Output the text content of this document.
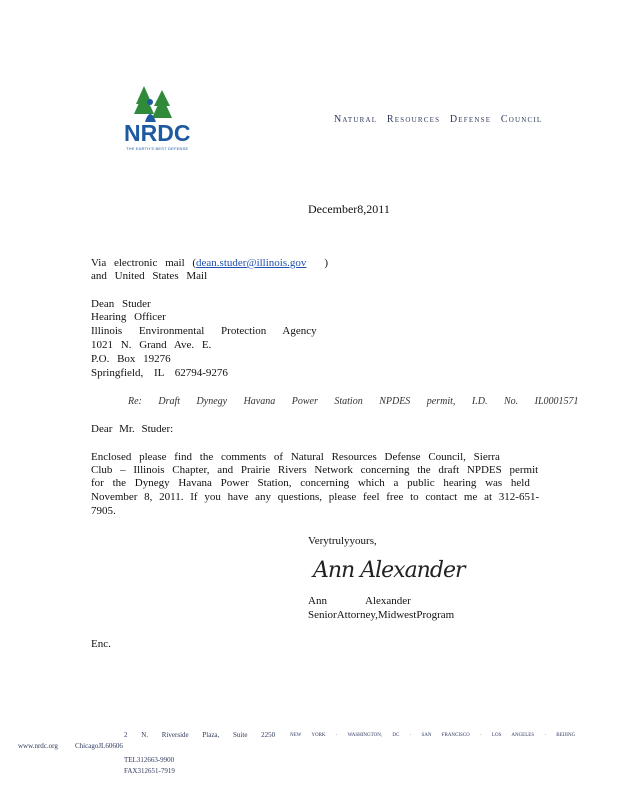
NRDC
THE EARTH'S BEST DEFENSE
Natural Resources Defense Council
December8,2011
Via electronic mail (dean.studer@illinois.gov )
and United States Mail
Dean Studer
Hearing Officer
Illinois Environmental Protection Agency
1021 N. Grand Ave. E.
P.O. Box 19276
Springfield, IL 62794-9276
Re: Draft Dynegy Havana Power Station NPDES permit, I.D. No. IL0001571
Dear Mr. Studer:
Enclosed please find the comments of Natural Resources Defense Council, Sierra
Club – Illinois Chapter, and Prairie Rivers Network concerning the draft NPDES permit
for the Dynegy Havana Power Station, concerning which a public hearing was held
November 8, 2011. If you have any questions, please feel free to contact me at 312-651-
7905.
Verytrulyyours,
Ann Alexander
Ann	Alexander
SeniorAttorney,MidwestProgram
Enc.
2 N. Riverside Plaza, Suite 2250	NEW YORK · WASHINGTON, DC · SAN FRANCISCO · LOS ANGELES · BEIJING
www.nrdc.org ChicagoJL60606
TEL312663-9900
FAX312651-7919
